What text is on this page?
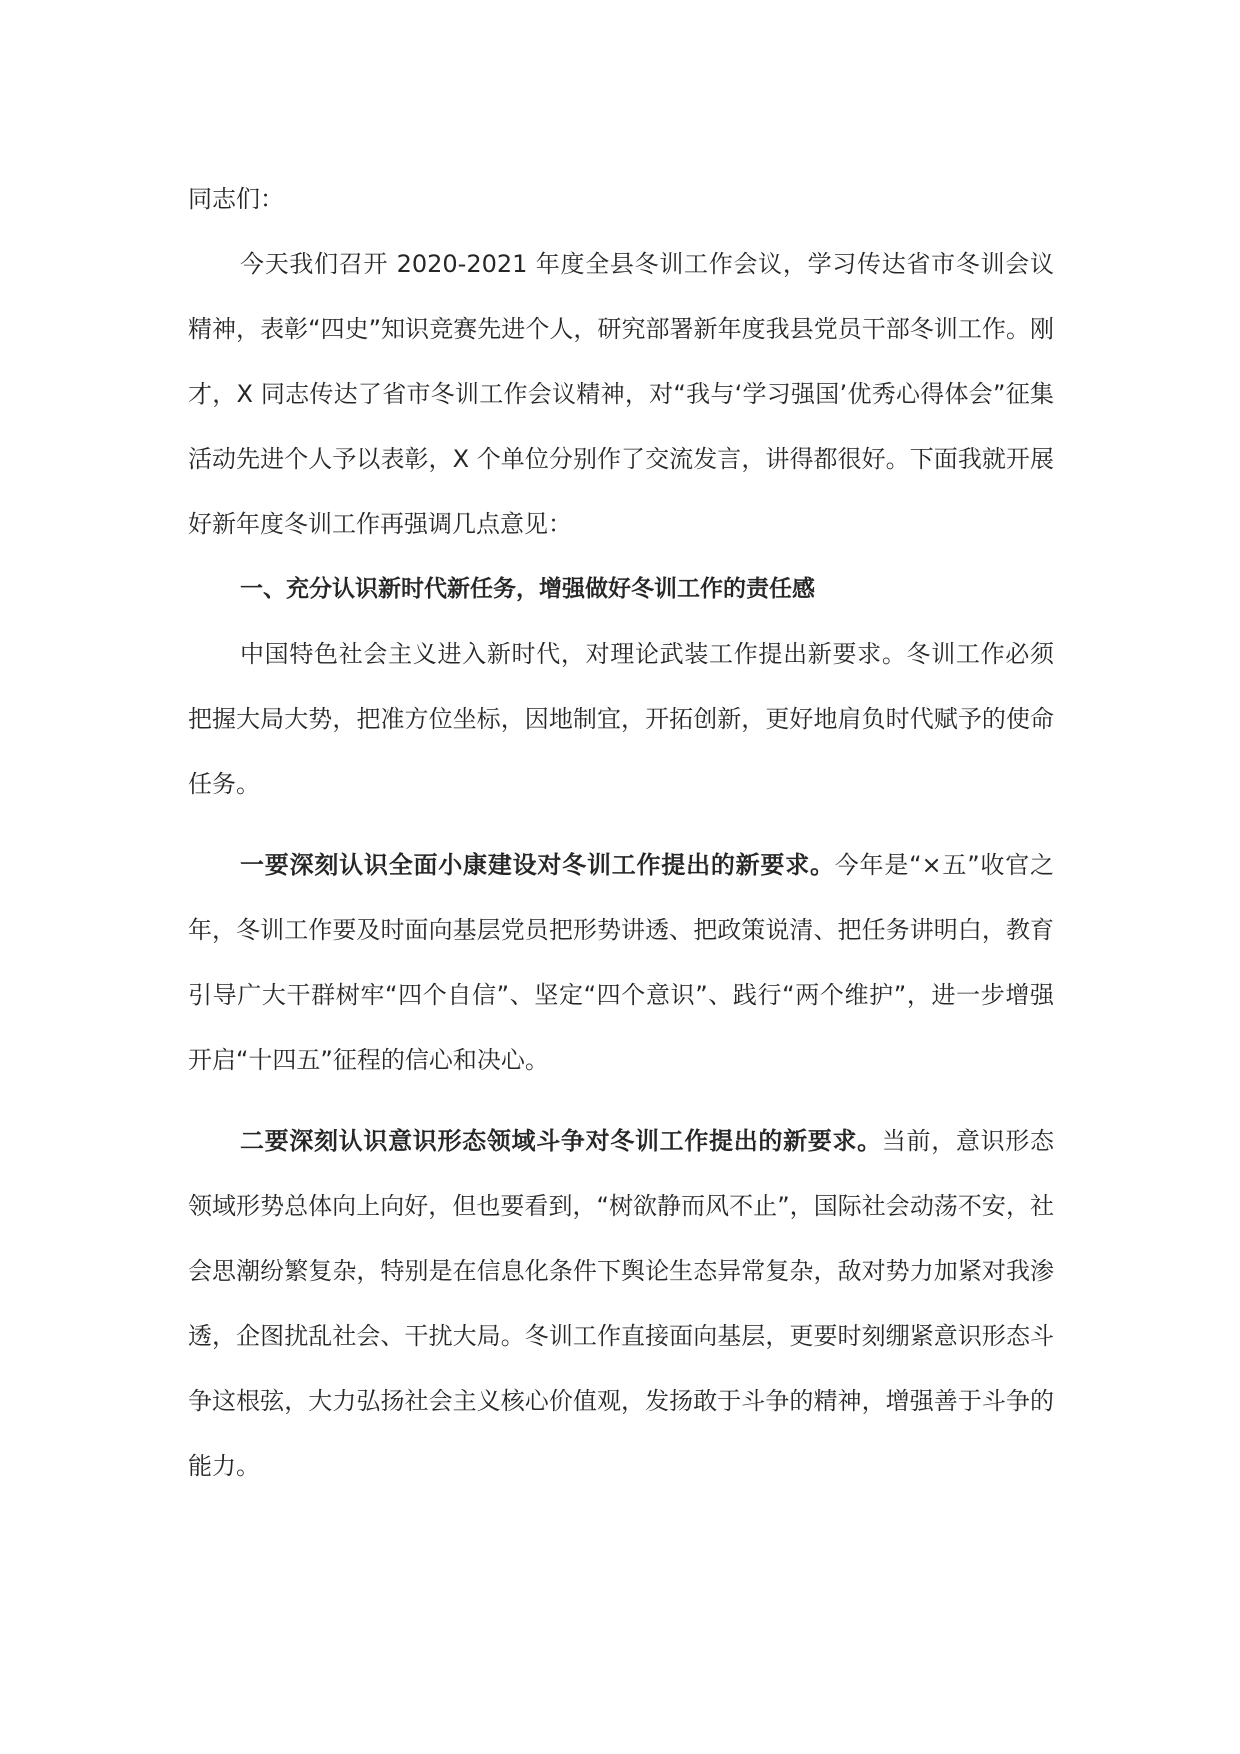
同志们：

今天我们召开 2020-2021 年度全县冬训工作会议，学习传达省市冬训会议精神，表彰“四史”知识竞赛先进个人，研究部署新年度我县党员干部冬训工作。刚才，X 同志传达了省市冬训工作会议精神，对“我与‘学习强国’优秀心得体会”征集活动先进个人予以表彰，X 个单位分别作了交流发言，讲得都很好。下面我就开展好新年度冬训工作再强调几点意见：

一、充分认识新时代新任务，增强做好冬训工作的责任感

中国特色社会主义进入新时代，对理论武装工作提出新要求。冬训工作必须把握大局大势，把准方位坐标，因地制宜，开拓创新，更好地肩负时代赋予的使命任务。

一要深刻认识全面小康建设对冬训工作提出的新要求。今年是“×五”收官之年，冬训工作要及时面向基层党员把形势讲透、把政策说清、把任务讲明白，教育引导广大干群树牢“四个自信”、坚定“四个意识”、践行“两个维护”，进一步增强开启“十四五”征程的信心和决心。

二要深刻认识意识形态领域斗争对冬训工作提出的新要求。当前，意识形态领域形势总体向上向好，但也要看到，“树欲静而风不止”，国际社会动荡不安，社会思潮纷繁复杂，特别是在信息化条件下舆论生态异常复杂，敌对势力加紧对我渗透，企图扰乱社会、干扰大局。冬训工作直接面向基层，更要时刻绷紧意识形态斗争这根弦，大力弘扬社会主义核心价值观，发扬敢于斗争的精神，增强善于斗争的能力。
